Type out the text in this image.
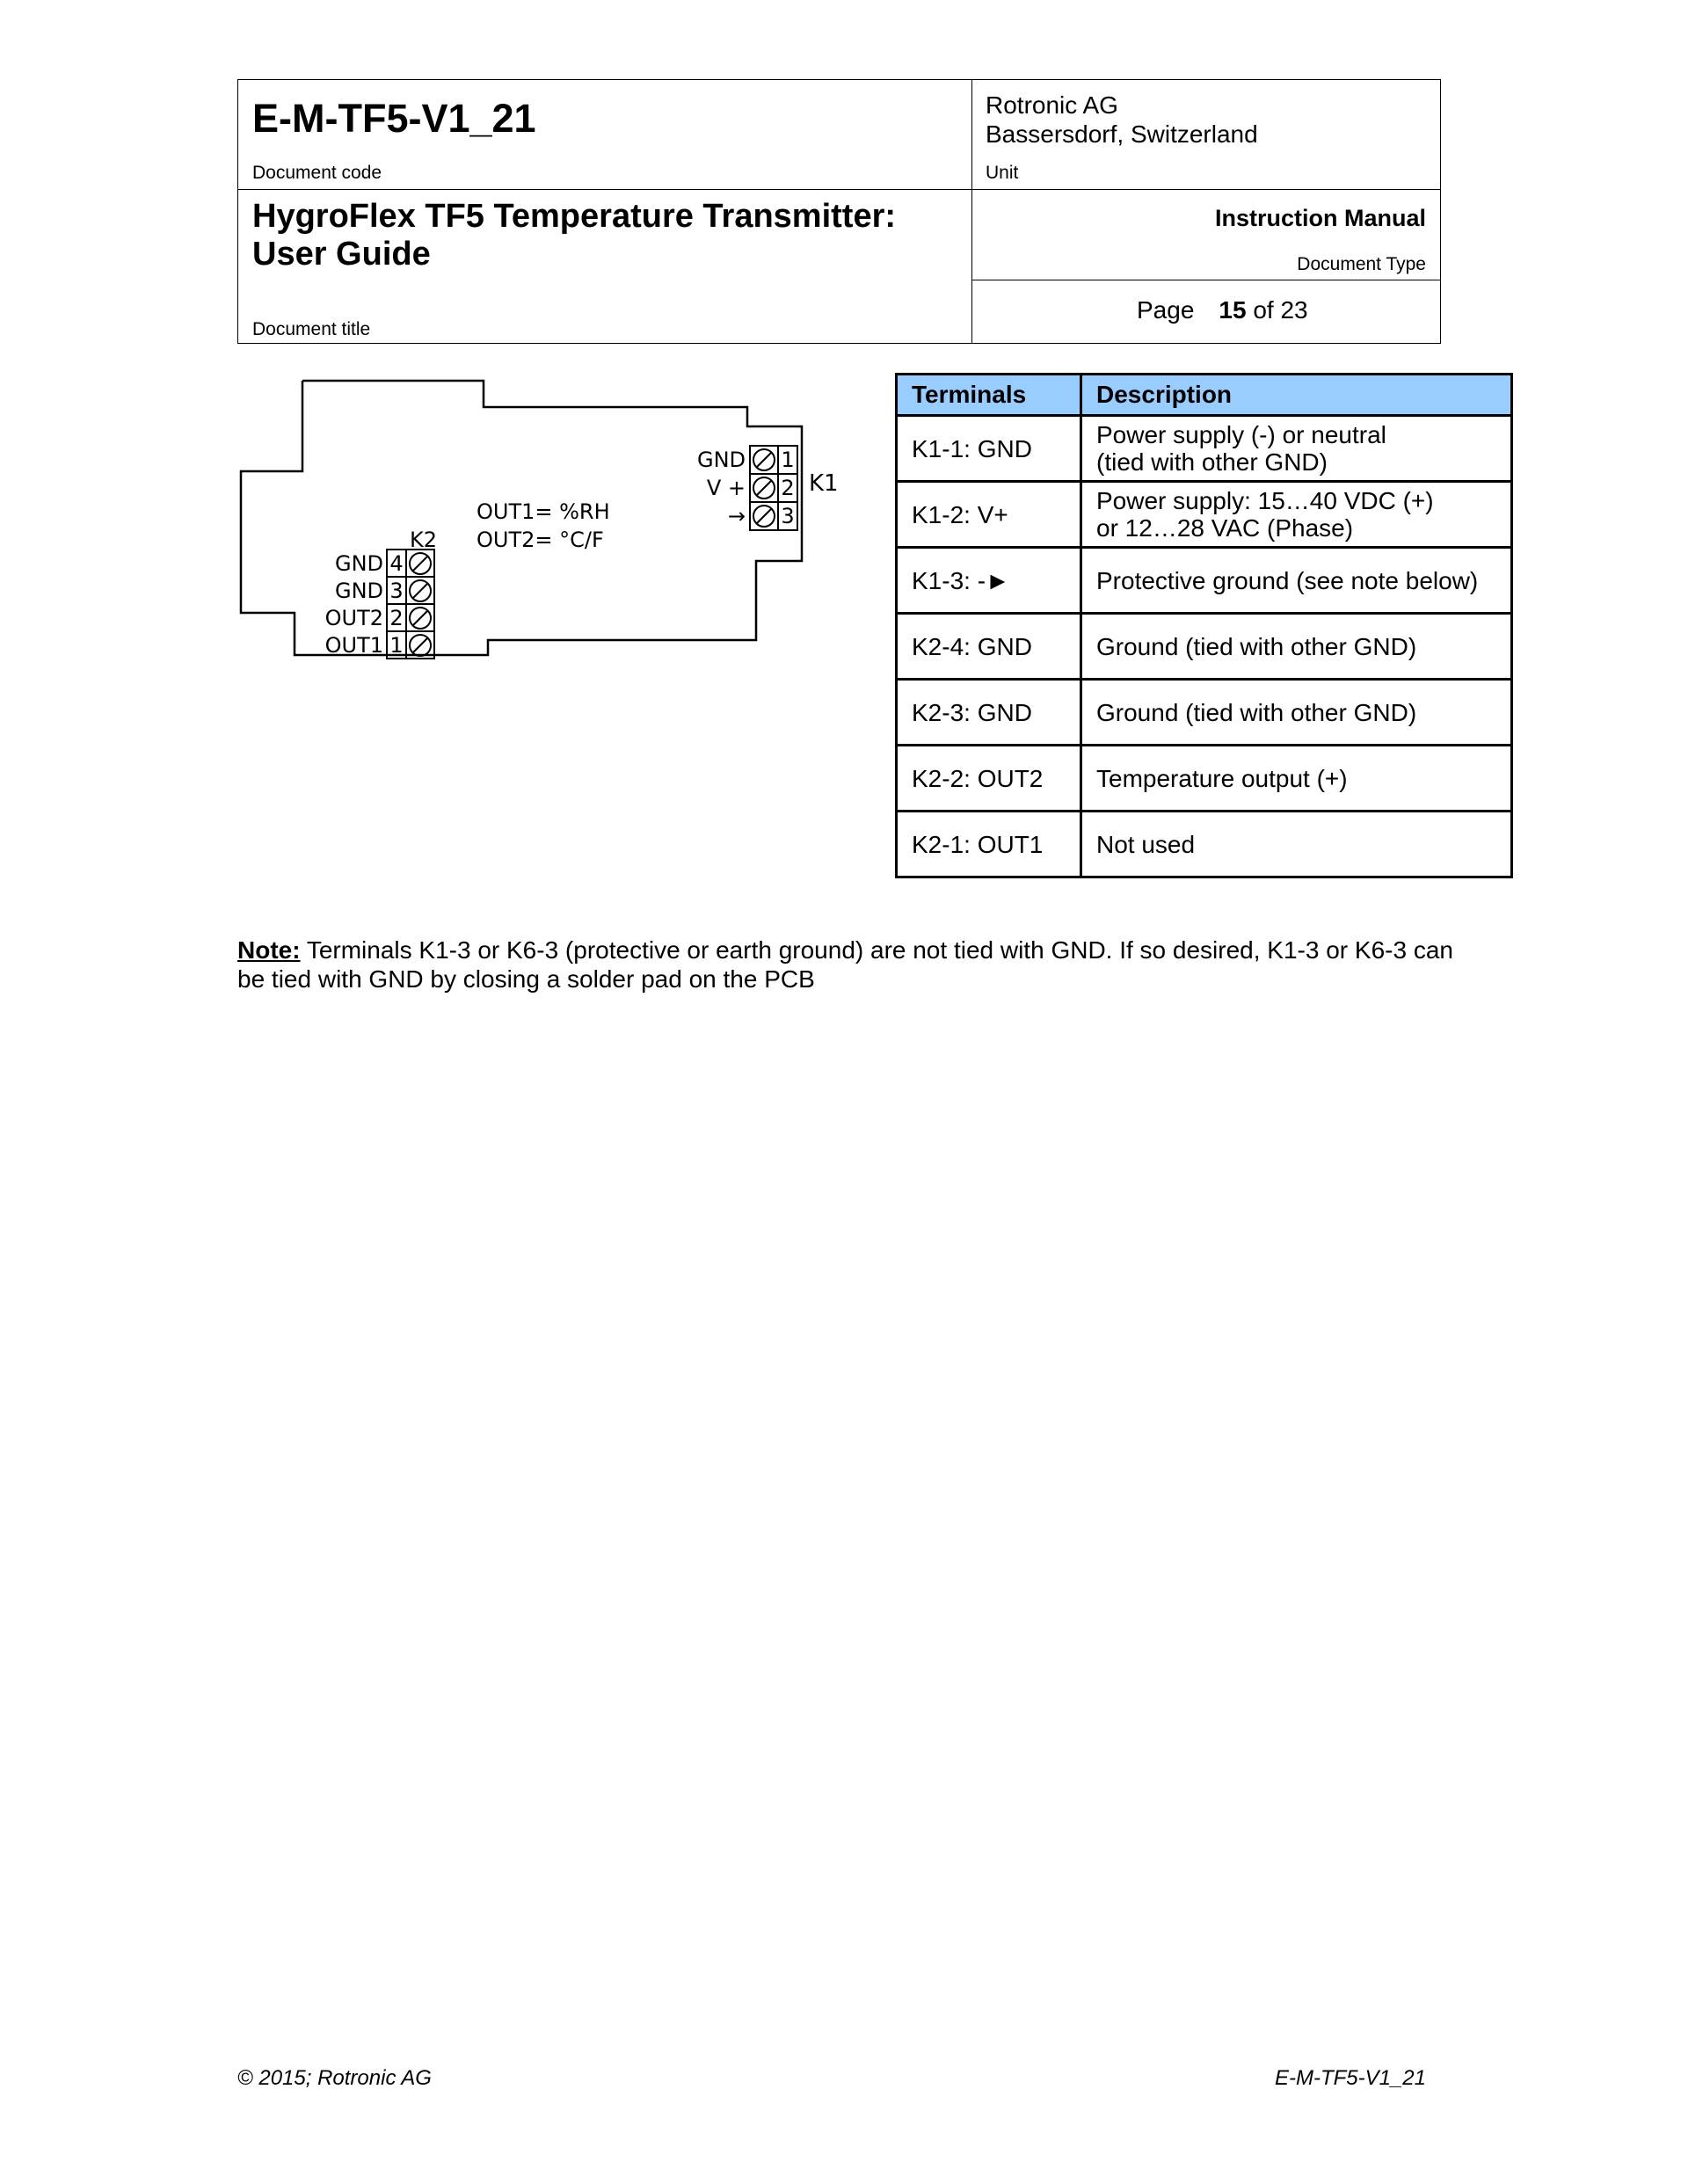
E-M-TF5-V1_21
Document code
Rotronic AG
Bassersdorf, Switzerland
Unit
HygroFlex TF5 Temperature Transmitter:
User Guide
Document title
Instruction Manual
Document Type
Page 15 of 23
1
2
3
GND
V +
→
K1
OUT1= %RH
OUT2= °C/F
K2
4
3
2
1
GND
GND
OUT2
OUT1
Terminals	Description
K1-1: GND	Power supply (-) or neutral
(tied with other GND)

K1-2: V+	Power supply: 15…40 VDC (+)
or 12…28 VAC (Phase)

K1-3: -►	Protective ground (see note below)
K2-4: GND	Ground (tied with other GND)
K2-3: GND	Ground (tied with other GND)
K2-2: OUT2	Temperature output (+)
K2-1: OUT1	Not used
Note: Terminals K1-3 or K6-3 (protective or earth ground) are not tied with GND. If so desired, K1-3 or K6-3 can be tied with GND by closing a solder pad on the PCB
© 2015; Rotronic AG	E-M-TF5-V1_21
